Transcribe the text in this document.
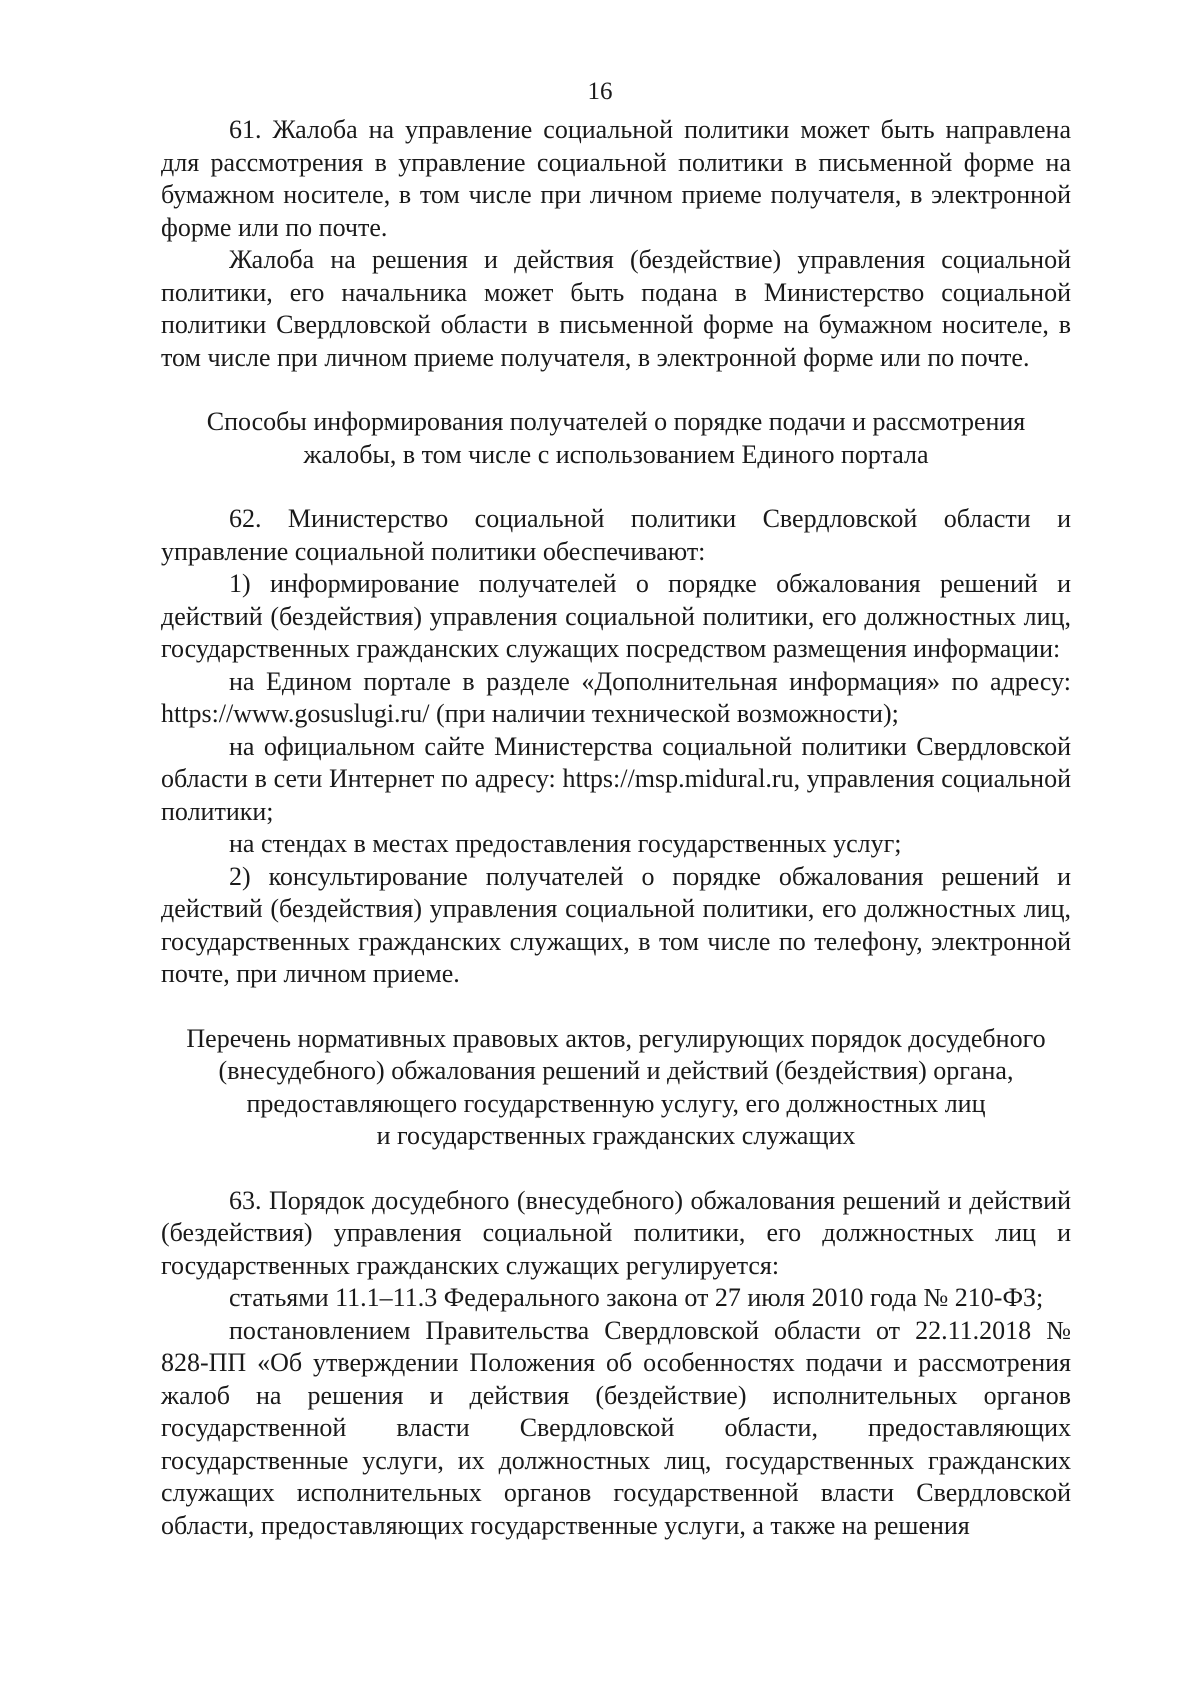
16

61. Жалоба на управление социальной политики может быть направлена для рассмотрения в управление социальной политики в письменной форме на бумажном носителе, в том числе при личном приеме получателя, в электронной форме или по почте.

Жалоба на решения и действия (бездействие) управления социальной политики, его начальника может быть подана в Министерство социальной политики Свердловской области в письменной форме на бумажном носителе, в том числе при личном приеме получателя, в электронной форме или по почте.

Способы информирования получателей о порядке подачи и рассмотрения
жалобы, в том числе с использованием Единого портала

62. Министерство социальной политики Свердловской области и управление социальной политики обеспечивают:

1) информирование получателей о порядке обжалования решений и действий (бездействия) управления социальной политики, его должностных лиц, государственных гражданских служащих посредством размещения информации:

на Едином портале в разделе «Дополнительная информация» по адресу: https://www.gosuslugi.ru/ (при наличии технической возможности);

на официальном сайте Министерства социальной политики Свердловской области в сети Интернет по адресу: https://msp.midural.ru, управления социальной политики;

на стендах в местах предоставления государственных услуг;

2) консультирование получателей о порядке обжалования решений и действий (бездействия) управления социальной политики, его должностных лиц, государственных гражданских служащих, в том числе по телефону, электронной почте, при личном приеме.

Перечень нормативных правовых актов, регулирующих порядок досудебного
(внесудебного) обжалования решений и действий (бездействия) органа,
предоставляющего государственную услугу, его должностных лиц
и государственных гражданских служащих

63. Порядок досудебного (внесудебного) обжалования решений и действий (бездействия) управления социальной политики, его должностных лиц и государственных гражданских служащих регулируется:

статьями 11.1–11.3 Федерального закона от 27 июля 2010 года № 210-ФЗ;

постановлением Правительства Свердловской области от 22.11.2018 № 828-ПП «Об утверждении Положения об особенностях подачи и рассмотрения жалоб на решения и действия (бездействие) исполнительных органов государственной власти Свердловской области, предоставляющих государственные услуги, их должностных лиц, государственных гражданских служащих исполнительных органов государственной власти Свердловской области, предоставляющих государственные услуги, а также на решения
